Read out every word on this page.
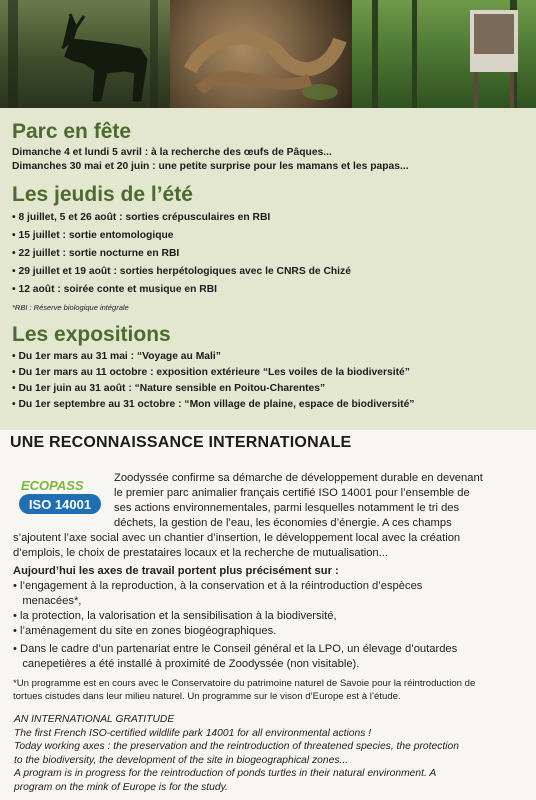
Parc en fête
Dimanche 4 et lundi 5 avril : à la recherche des œufs de Pâques...
Dimanches 30 mai et 20 juin : une petite surprise pour les mamans et les papas...
Les jeudis de l’été
• 8 juillet, 5 et 26 août : sorties crépusculaires en RBI
• 15 juillet : sortie entomologique
• 22 juillet : sortie nocturne en RBI
• 29 juillet et 19 août : sorties herpétologiques avec le CNRS de Chizé
• 12 août : soirée conte et musique en RBI
*RBI : Réserve biologique intégrale
Les expositions
• Du 1er mars au 31 mai : “Voyage au Mali”
• Du 1er mars au 11 octobre : exposition extérieure “Les voiles de la biodiversité”
• Du 1er juin au 31 août : “Nature sensible en Poitou-Charentes”
• Du 1er septembre au 31 octobre : “Mon village de plaine, espace de biodiversité”
UNE RECONNAISSANCE INTERNATIONALE
ECOPASS
ISO 14001
Zoodyssée confirme sa démarche de développement durable en devenant
le premier parc animalier français certifié ISO 14001 pour l’ensemble de
ses actions environnementales, parmi lesquelles notamment le tri des
déchets, la gestion de l’eau, les économies d’énergie. A ces champs
s’ajoutent l’axe social avec un chantier d’insertion, le développement local avec la création
d’emplois, le choix de prestataires locaux et la recherche de mutualisation...
Aujourd’hui les axes de travail portent plus précisément sur :
• l’engagement à la reproduction, à la conservation et à la réintroduction d’espèces
menacées*,
• la protection, la valorisation et la sensibilisation à la biodiversité,
• l’aménagement du site en zones biogéographiques.
• Dans le cadre d’un partenariat entre le Conseil général et la LPO, un élevage d’outardes
canepetières a été installé à proximité de Zoodyssée (non visitable).
*Un programme est en cours avec le Conservatoire du patrimoine naturel de Savoie pour la réintroduction de
tortues cistudes dans leur milieu naturel. Un programme sur le vison d’Europe est à l’étude.
AN INTERNATIONAL GRATITUDE
The first French ISO-certified wildlife park 14001 for all environmental actions !
Today working axes : the preservation and the reintroduction of threatened species, the protection
to the biodiversity, the development of the site in biogeographical zones...
A program is in progress for the reintroduction of ponds turtles in their natural environment. A
program on the mink of Europe is for the study.
